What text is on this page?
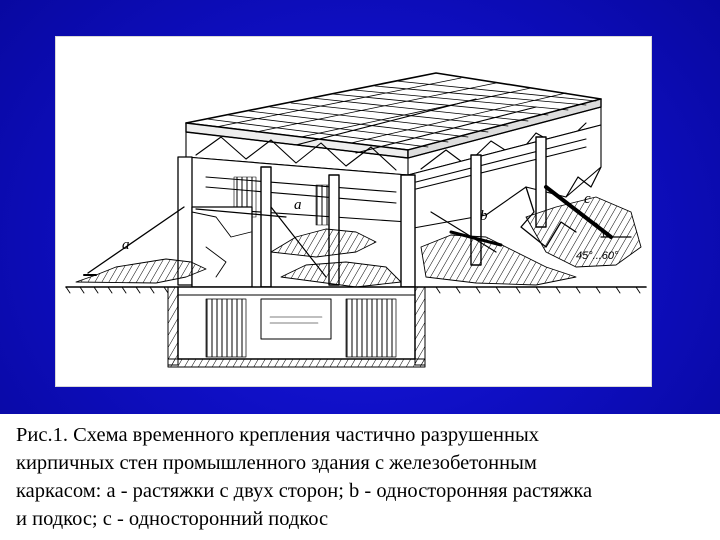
a
a
b
c
45°...60°
Рис.1. Схема временного крепления частично разрушенных
кирпичных стен промышленного здания с железобетонным
каркасом: а - растяжки с двух сторон; b - односторонняя растяжка
и подкос; с - односторонний подкос
